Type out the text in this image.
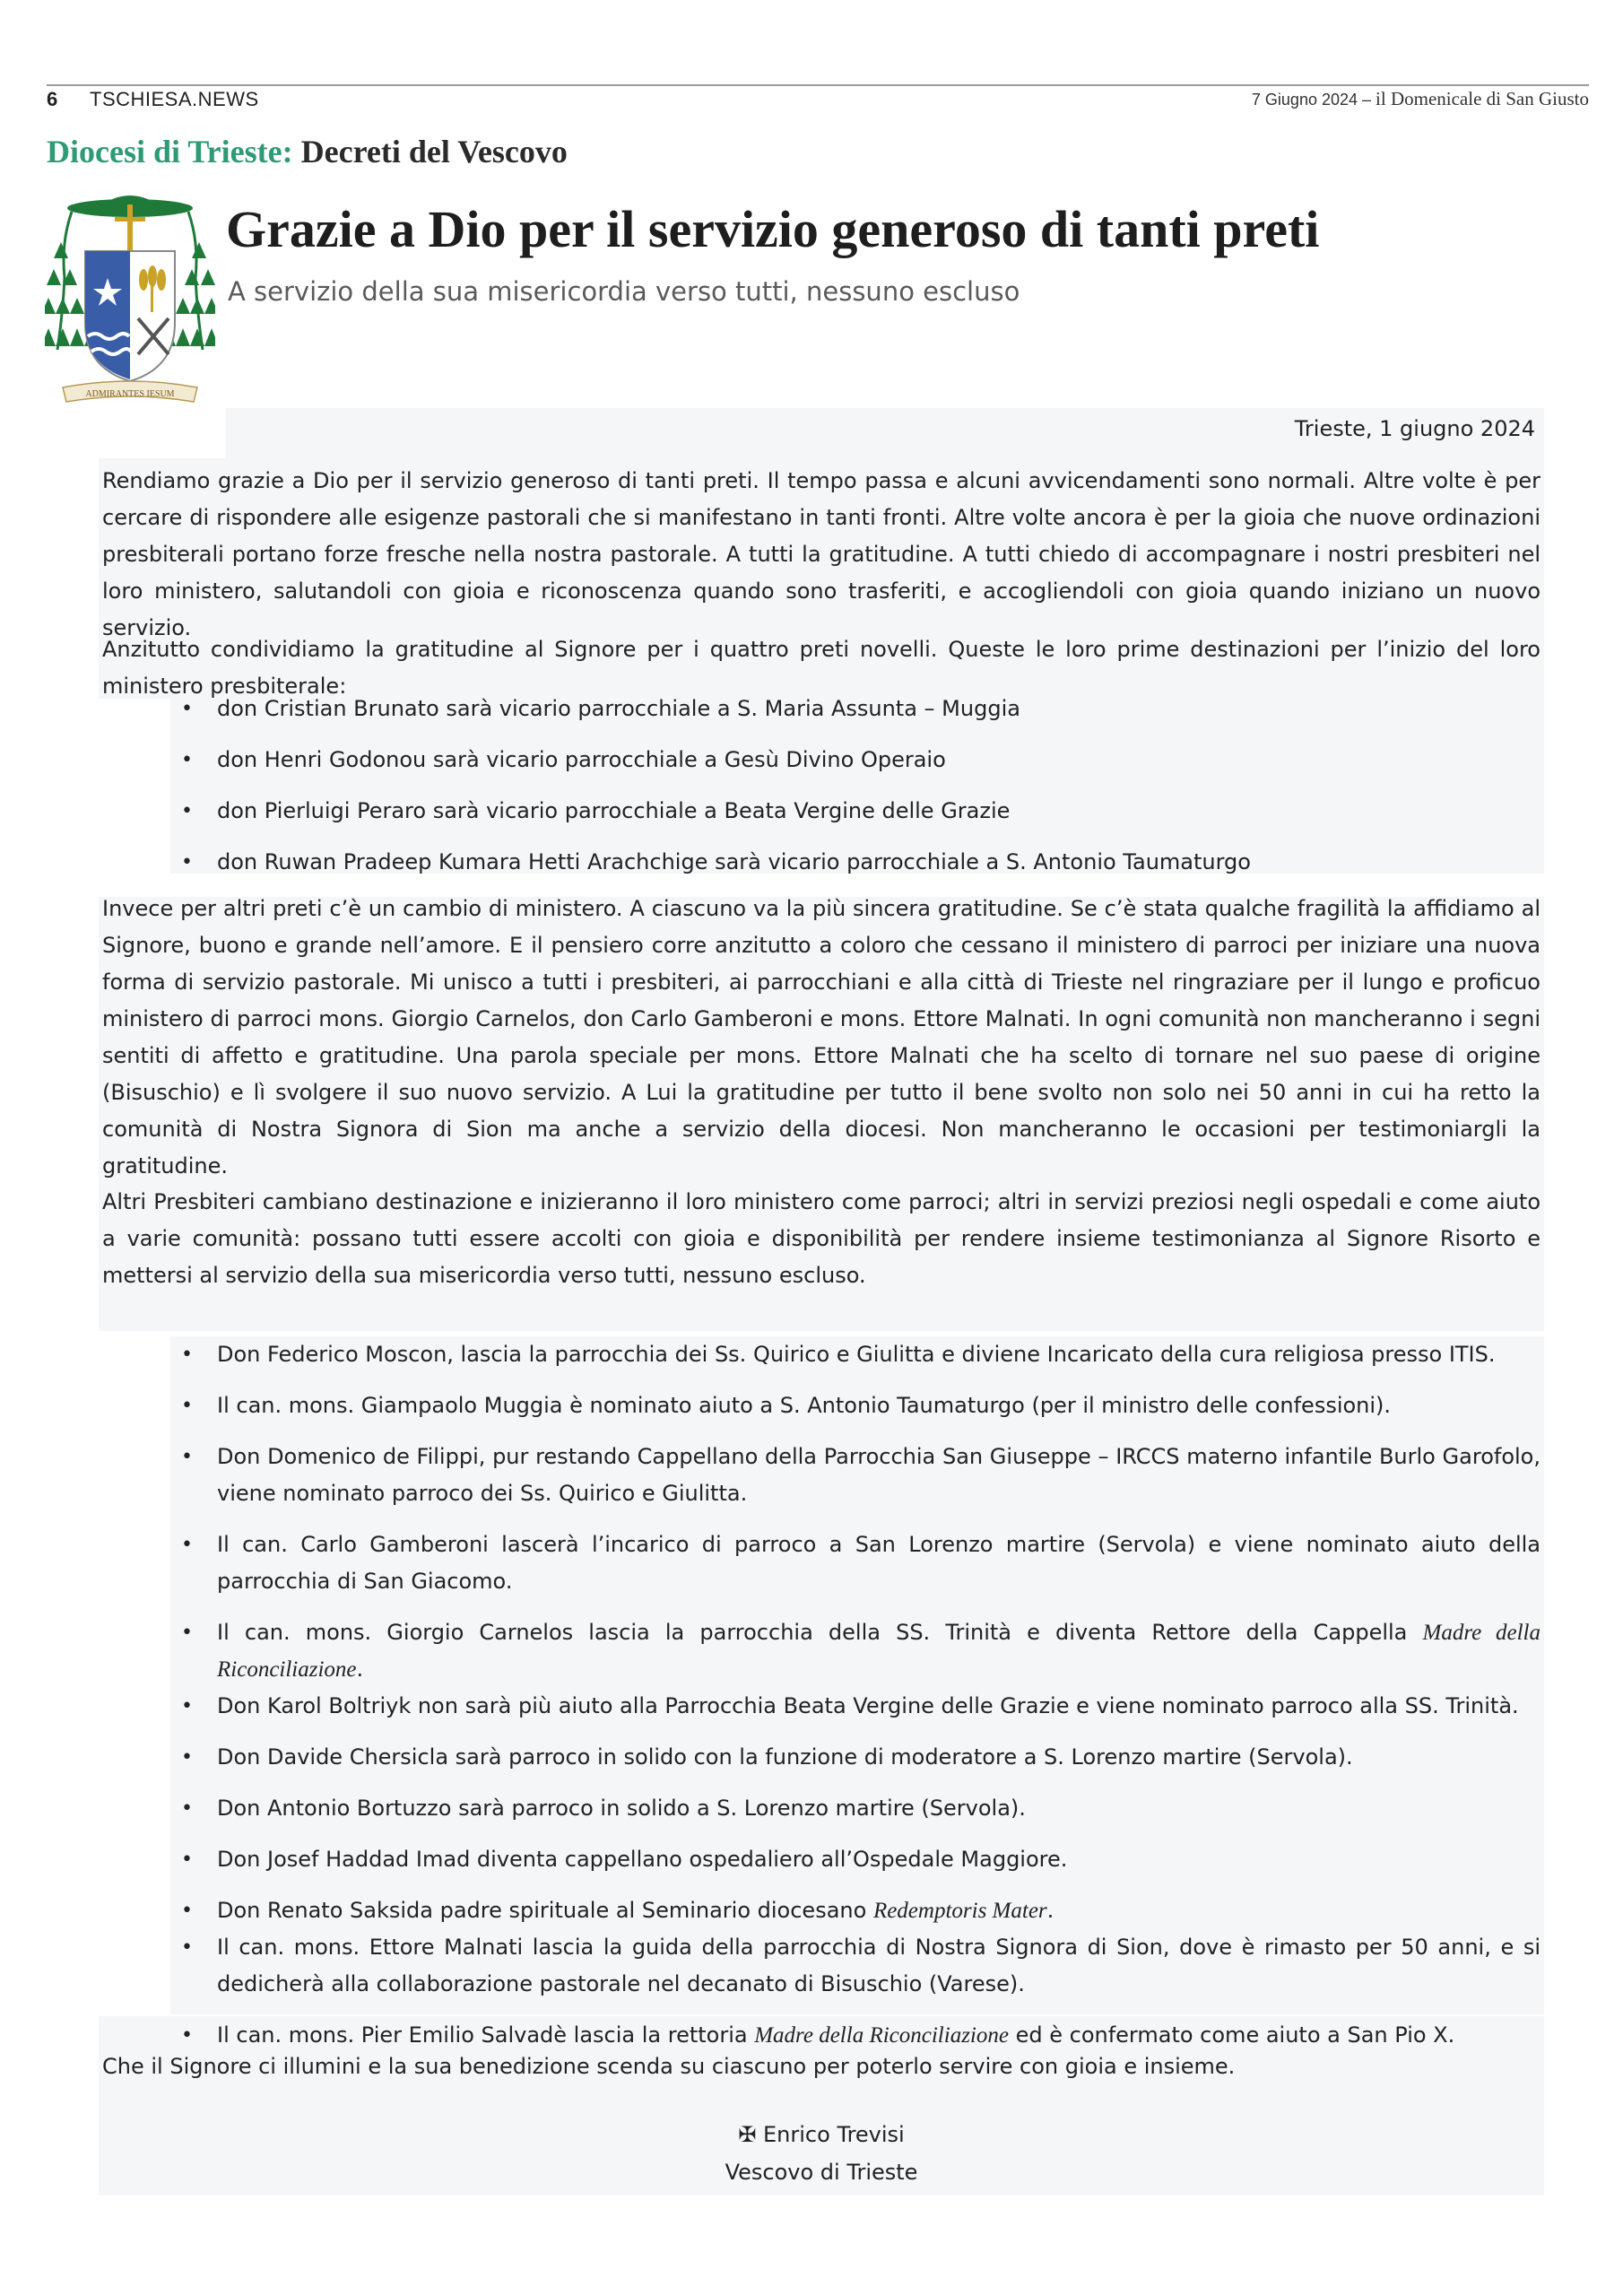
6 TSCHIESA.NEWS	7 Giugno 2024 – il Domenicale di San Giusto
Diocesi di Trieste: Decreti del Vescovo
ADMIRANTES IESUM
Grazie a Dio per il servizio generoso di tanti preti
A servizio della sua misericordia verso tutti, nessuno escluso
Trieste, 1 giugno 2024

Rendiamo grazie a Dio per il servizio generoso di tanti preti. Il tempo passa e alcuni avvicendamenti sono normali. Altre volte è per cercare di rispondere alle esigenze pastorali che si manifestano in tanti fronti. Altre volte ancora è per la gioia che nuove ordinazioni presbiterali portano forze fresche nella nostra pastorale. A tutti la gratitudine. A tutti chiedo di accompagnare i nostri presbiteri nel loro ministero, salutandoli con gioia e riconoscenza quando sono trasferiti, e accogliendoli con gioia quando iniziano un nuovo servizio.

Anzitutto condividiamo la gratitudine al Signore per i quattro preti novelli. Queste le loro prime destinazioni per l’inizio del loro ministero presbiterale:

• don Cristian Brunato sarà vicario parrocchiale a S. Maria Assunta – Muggia
• don Henri Godonou sarà vicario parrocchiale a Gesù Divino Operaio
• don Pierluigi Peraro sarà vicario parrocchiale a Beata Vergine delle Grazie
• don Ruwan Pradeep Kumara Hetti Arachchige sarà vicario parrocchiale a S. Antonio Taumaturgo

Invece per altri preti c’è un cambio di ministero. A ciascuno va la più sincera gratitudine. Se c’è stata qualche fragilità la affidiamo al Signore, buono e grande nell’amore. E il pensiero corre anzitutto a coloro che cessano il ministero di parroci per iniziare una nuova forma di servizio pastorale. Mi unisco a tutti i presbiteri, ai parrocchiani e alla città di Trieste nel ringraziare per il lungo e proficuo ministero di parroci mons. Giorgio Carnelos, don Carlo Gamberoni e mons. Ettore Malnati. In ogni comunità non mancheranno i segni sentiti di affetto e gratitudine. Una parola speciale per mons. Ettore Malnati che ha scelto di tornare nel suo paese di origine (Bisuschio) e lì svolgere il suo nuovo servizio. A Lui la gratitudine per tutto il bene svolto non solo nei 50 anni in cui ha retto la comunità di Nostra Signora di Sion ma anche a servizio della diocesi. Non mancheranno le occasioni per testimoniargli la gratitudine.

Altri Presbiteri cambiano destinazione e inizieranno il loro ministero come parroci; altri in servizi preziosi negli ospedali e come aiuto a varie comunità: possano tutti essere accolti con gioia e disponibilità per rendere insieme testimonianza al Signore Risorto e mettersi al servizio della sua misericordia verso tutti, nessuno escluso.

• Don Federico Moscon, lascia la parrocchia dei Ss. Quirico e Giulitta e diviene Incaricato della cura religiosa presso ITIS.
• Il can. mons. Giampaolo Muggia è nominato aiuto a S. Antonio Taumaturgo (per il ministro delle confessioni).
• Don Domenico de Filippi, pur restando Cappellano della Parrocchia San Giuseppe – IRCCS materno infantile Burlo Garofolo, viene nominato parroco dei Ss. Quirico e Giulitta.
• Il can. Carlo Gamberoni lascerà l’incarico di parroco a San Lorenzo martire (Servola) e viene nominato aiuto della parrocchia di San Giacomo.
• Il can. mons. Giorgio Carnelos lascia la parrocchia della SS. Trinità e diventa Rettore della Cappella Madre della Riconciliazione.
• Don Karol Boltriyk non sarà più aiuto alla Parrocchia Beata Vergine delle Grazie e viene nominato parroco alla SS. Trinità.
• Don Davide Chersicla sarà parroco in solido con la funzione di moderatore a S. Lorenzo martire (Servola).
• Don Antonio Bortuzzo sarà parroco in solido a S. Lorenzo martire (Servola).
• Don Josef Haddad Imad diventa cappellano ospedaliero all’Ospedale Maggiore.
• Don Renato Saksida padre spirituale al Seminario diocesano Redemptoris Mater.
• Il can. mons. Ettore Malnati lascia la guida della parrocchia di Nostra Signora di Sion, dove è rimasto per 50 anni, e si dedicherà alla collaborazione pastorale nel decanato di Bisuschio (Varese).
• Il can. mons. Pier Emilio Salvadè lascia la rettoria Madre della Riconciliazione ed è confermato come aiuto a San Pio X.

Che il Signore ci illumini e la sua benedizione scenda su ciascuno per poterlo servire con gioia e insieme.

✠ Enrico Trevisi
Vescovo di Trieste
